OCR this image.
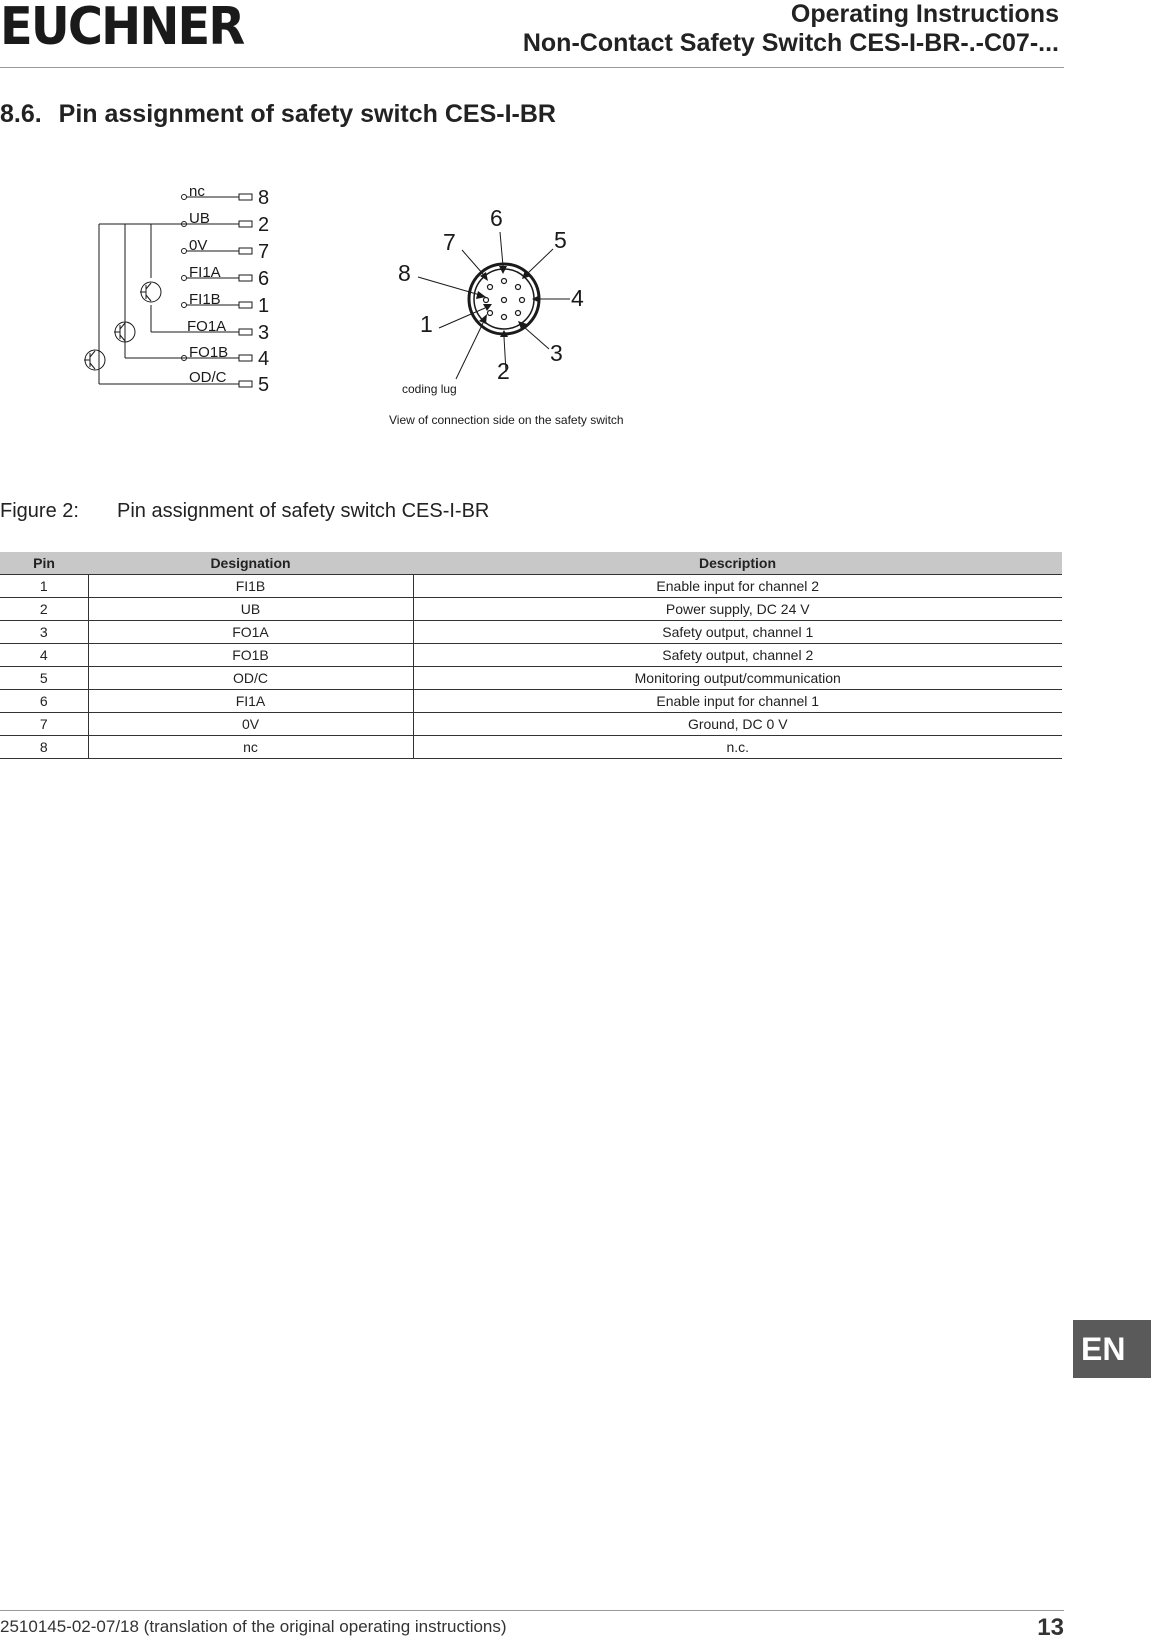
EUCHNER	Operating Instructions
Non-Contact Safety Switch CES-I-BR-.-C07-...
8.6. Pin assignment of safety switch CES-I-BR
nc
UB
0V
FI1A
FI1B
FO1A
FO1B
OD/C
8
2
7
6
1
3
4
5
6
5
7
8
4
1
3
2
coding lug
View of connection side on the safety switch
Figure 2: Pin assignment of safety switch CES-I-BR
Pin	Designation	Description
1	FI1B	Enable input for channel 2
2	UB	Power supply, DC 24 V
3	FO1A	Safety output, channel 1
4	FO1B	Safety output, channel 2
5	OD/C	Monitoring output/communication
6	FI1A	Enable input for channel 1
7	0V	Ground, DC 0 V
8	nc	n.c.
EN
2510145-02-07/18 (translation of the original operating instructions)	13
